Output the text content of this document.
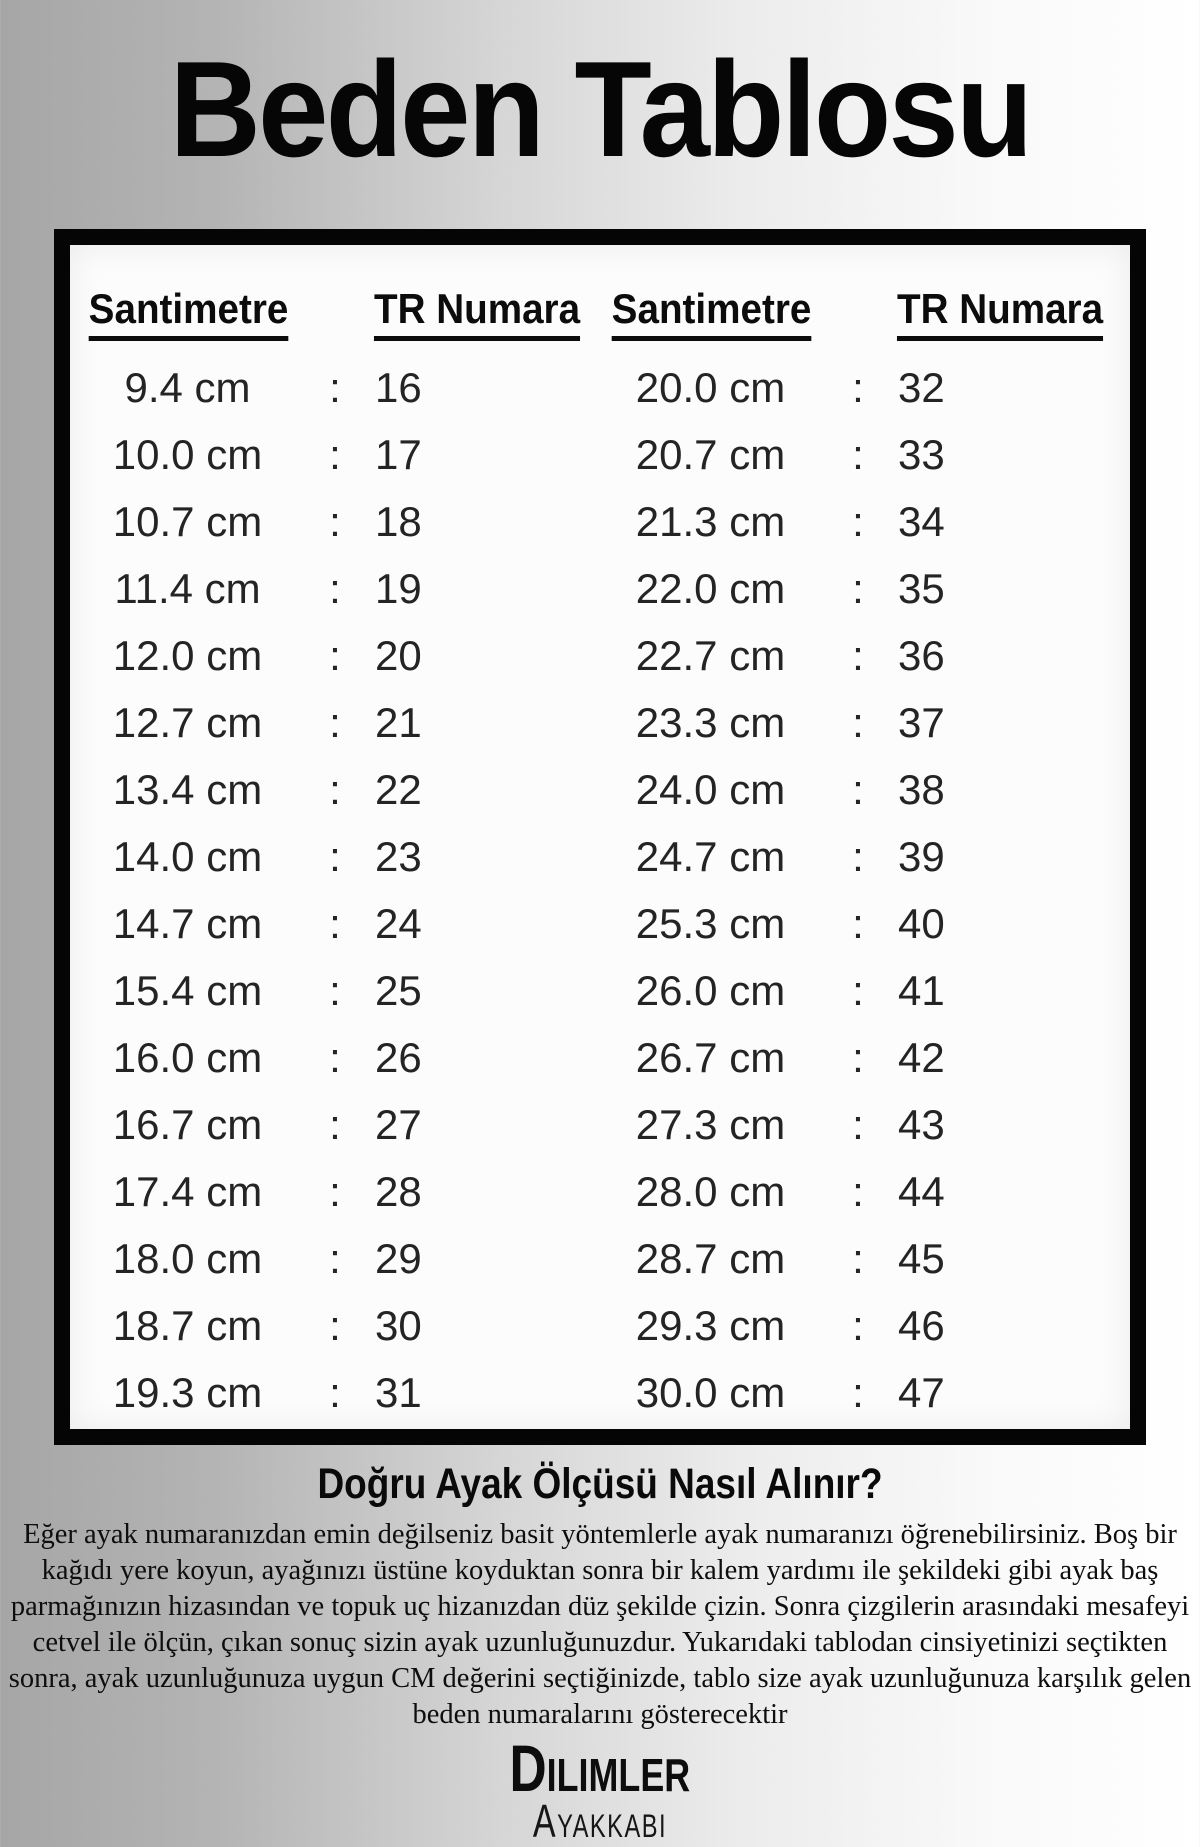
Beden Tablosu
Santimetre	TR Numara
9.4 cm	: 16
10.0 cm	: 17
10.7 cm	: 18
11.4 cm	: 19
12.0 cm	: 20
12.7 cm	: 21
13.4 cm	: 22
14.0 cm	: 23
14.7 cm	: 24
15.4 cm	: 25
16.0 cm	: 26
16.7 cm	: 27
17.4 cm	: 28
18.0 cm	: 29
18.7 cm	: 30
19.3 cm	: 31
Santimetre	TR Numara
20.0 cm	: 32
20.7 cm	: 33
21.3 cm	: 34
22.0 cm	: 35
22.7 cm	: 36
23.3 cm	: 37
24.0 cm	: 38
24.7 cm	: 39
25.3 cm	: 40
26.0 cm	: 41
26.7 cm	: 42
27.3 cm	: 43
28.0 cm	: 44
28.7 cm	: 45
29.3 cm	: 46
30.0 cm	: 47
Doğru Ayak Ölçüsü Nasıl Alınır?

Eğer ayak numaranızdan emin değilseniz basit yöntemlerle ayak numaranızı öğrenebilirsiniz. Boş bir kağıdı yere koyun, ayağınızı üstüne koyduktan sonra bir kalem yardımı ile şekildeki gibi ayak baş parmağınızın hizasından ve topuk uç hizanızdan düz şekilde çizin. Sonra çizgilerin arasındaki mesafeyi cetvel ile ölçün, çıkan sonuç sizin ayak uzunluğunuzdur. Yukarıdaki tablodan cinsiyetinizi seçtikten sonra, ayak uzunluğunuza uygun CM değerini seçtiğinizde, tablo size ayak uzunluğunuza karşılık gelen beden numaralarını gösterecektir

Dilimler
Ayakkabı
